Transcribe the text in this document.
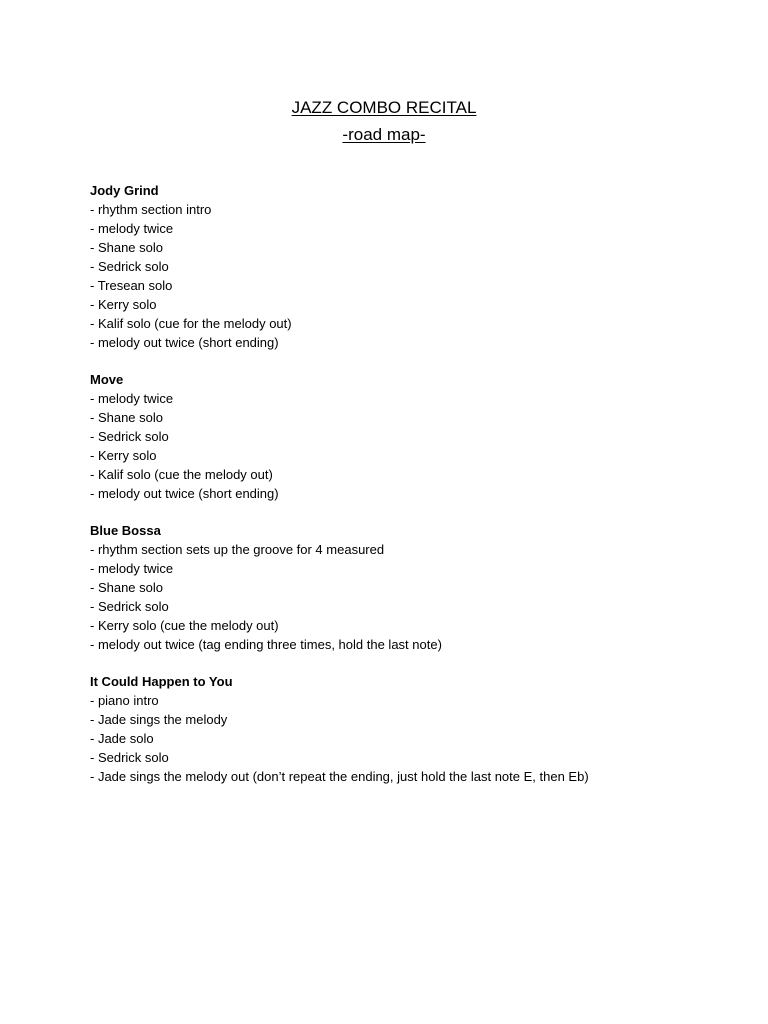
JAZZ COMBO RECITAL
-road map-
Jody Grind
- rhythm section intro
- melody twice
- Shane solo
- Sedrick solo
- Tresean solo
- Kerry solo
- Kalif solo (cue for the melody out)
- melody out twice (short ending)
Move
- melody twice
- Shane solo
- Sedrick solo
- Kerry solo
- Kalif solo (cue the melody out)
- melody out twice (short ending)
Blue Bossa
- rhythm section sets up the groove for 4 measured
- melody twice
- Shane solo
- Sedrick solo
- Kerry solo (cue the melody out)
- melody out twice (tag ending three times, hold the last note)
It Could Happen to You
- piano intro
- Jade sings the melody
- Jade solo
- Sedrick solo
- Jade sings the melody out (don’t repeat the ending, just hold the last note E, then Eb)
